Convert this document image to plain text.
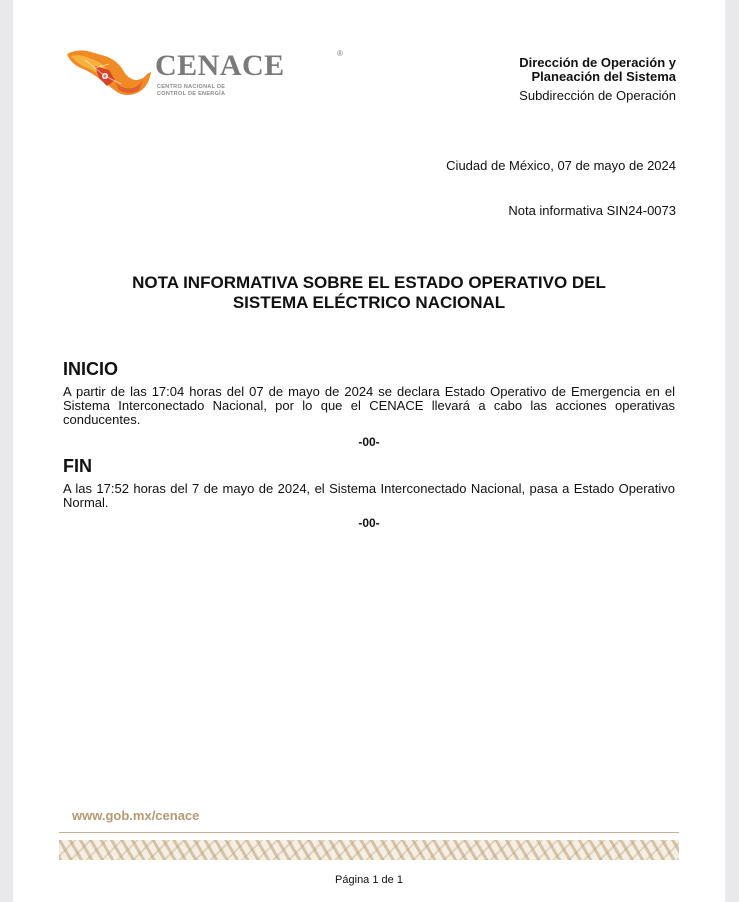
CENACE	®
CENTRO NACIONAL DE
CONTROL DE ENERGÍA
Dirección de Operación y
Planeación del Sistema
Subdirección de Operación
Ciudad de México, 07 de mayo de 2024
Nota informativa SIN24-0073
NOTA INFORMATIVA SOBRE EL ESTADO OPERATIVO DEL
SISTEMA ELÉCTRICO NACIONAL
INICIO
A partir de las 17:04 horas del 07 de mayo de 2024 se declara Estado Operativo de Emergencia en el Sistema Interconectado Nacional, por lo que el CENACE llevará a cabo las acciones operativas conducentes.
-00-
FIN
A las 17:52 horas del 7 de mayo de 2024, el Sistema Interconectado Nacional, pasa a Estado Operativo Normal.
-00-
www.gob.mx/cenace
Página 1 de 1
